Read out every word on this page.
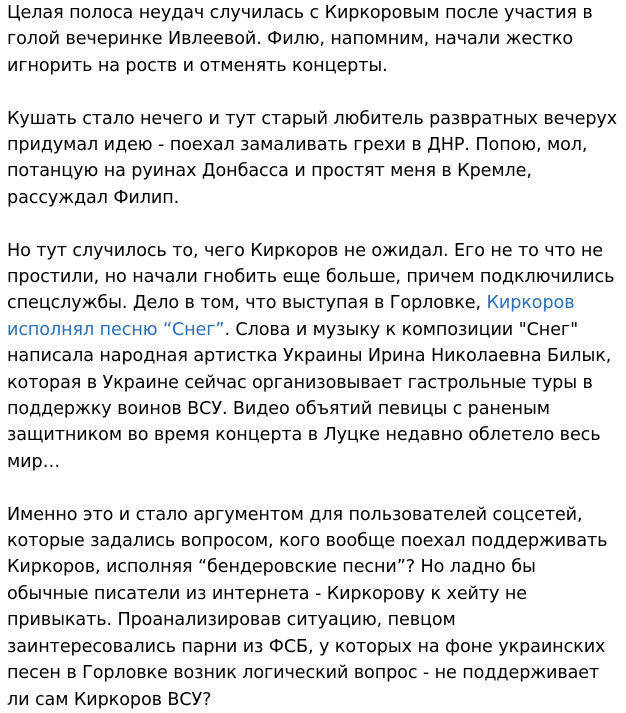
Целая полоса неудач случилась с Киркоровым после участия в голой вечеринке Ивлеевой. Филю, напомним, начали жестко игнорить на роств и отменять концерты.

Кушать стало нечего и тут старый любитель развратных вечерух придумал идею - поехал замаливать грехи в ДНР. Попою, мол, потанцую на руинах Донбасса и простят меня в Кремле, рассуждал Филип.

Но тут случилось то, чего Киркоров не ожидал. Его не то что не простили, но начали гнобить еще больше, причем подключились спецслужбы. Дело в том, что выступая в Горловке, Киркоров исполнял песню “Снег”. Слова и музыку к композиции "Снег" написала народная артистка Украины Ирина Николаевна Билык, которая в Украине сейчас организовывает гастрольные туры в поддержку воинов ВСУ. Видео объятий певицы с раненым защитником во время концерта в Луцке недавно облетело весь мир…

Именно это и стало аргументом для пользователей соцсетей, которые задались вопросом, кого вообще поехал поддерживать Киркоров, исполняя “бендеровские песни”? Но ладно бы обычные писатели из интернета - Киркорову к хейту не привыкать. Проанализировав ситуацию, певцом заинтересовались парни из ФСБ, у которых на фоне украинских песен в Горловке возник логический вопрос - не поддерживает ли сам Киркоров ВСУ?
